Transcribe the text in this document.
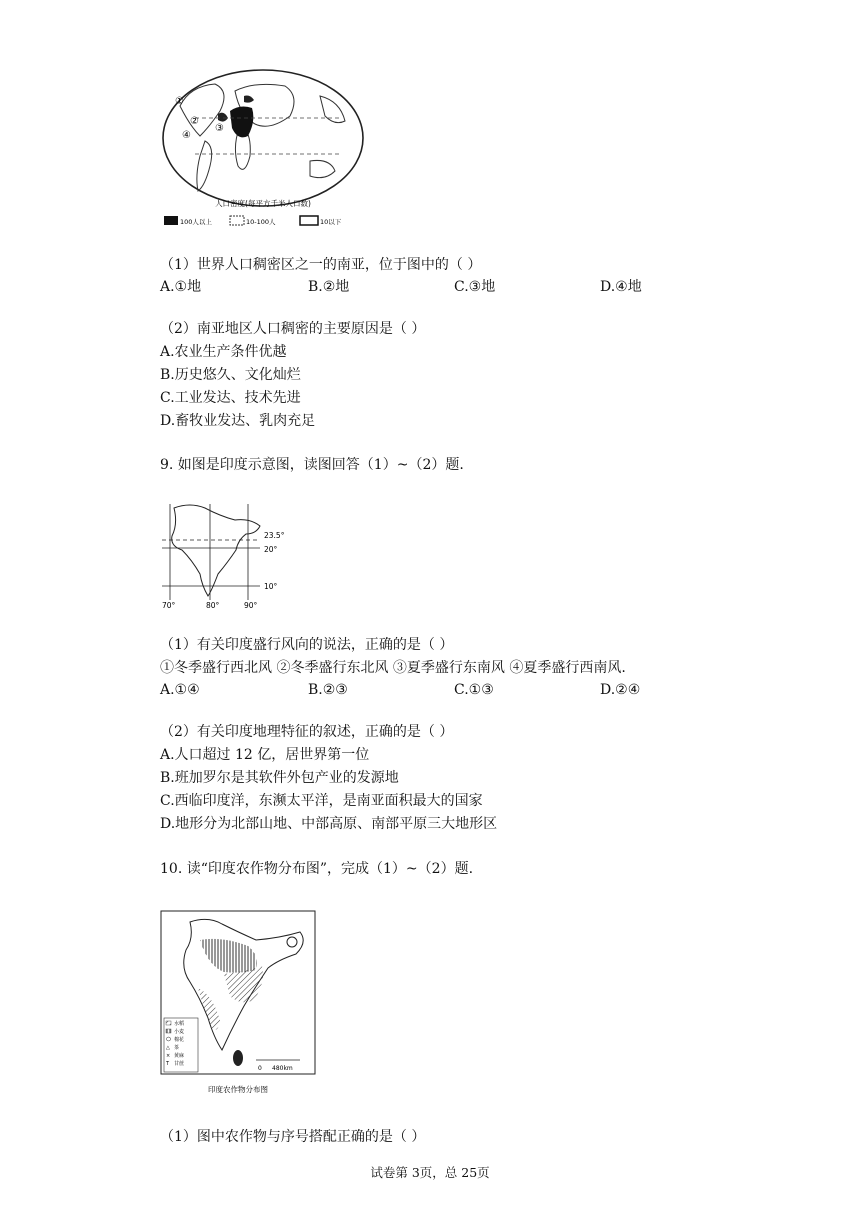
①
②
③
④
人口密度(每平方千米人口数)
100人以上	10-100人	10以下
（1）世界人口稠密区之一的南亚，位于图中的（ ）
A.①地	B.②地	C.③地	D.④地
（2）南亚地区人口稠密的主要原因是（ ）
A.农业生产条件优越
B.历史悠久、文化灿烂
C.工业发达、技术先进
D.畜牧业发达、乳肉充足
9. 如图是印度示意图，读图回答（1）~（2）题.
23.5°
20°
10°
70°	80°	90°
（1）有关印度盛行风向的说法，正确的是（ ）
①冬季盛行西北风 ②冬季盛行东北风 ③夏季盛行东南风 ④夏季盛行西南风.
A.①④	B.②③	C.①③	D.②④
（2）有关印度地理特征的叙述，正确的是（ ）
A.人口超过 12 亿，居世界第一位
B.班加罗尔是其软件外包产业的发源地
C.西临印度洋，东濒太平洋，是南亚面积最大的国家
D.地形分为北部山地、中部高原、南部平原三大地形区
10. 读“印度农作物分布图”，完成（1）~（2）题.
水稻
小麦
棉花
△ 茶
× 黄麻
T 甘蔗
0 480km
印度农作物分布图
（1）图中农作物与序号搭配正确的是（ ）
试卷第 3页，总 25页
